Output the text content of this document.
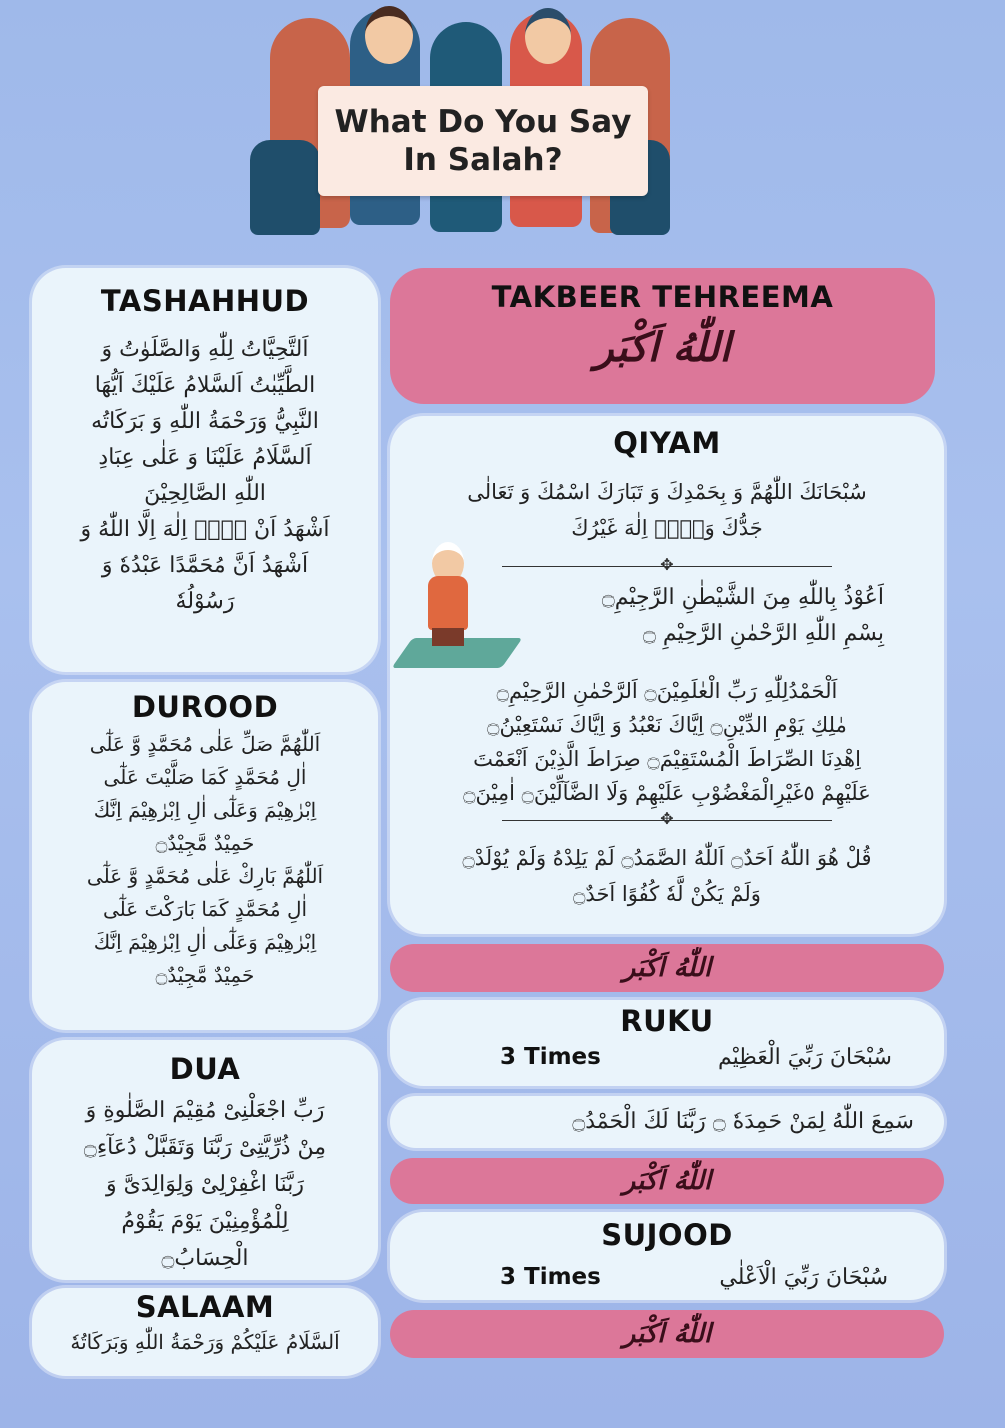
What Do You Say
In Salah?
TASHAHHUD
اَلتَّحِيَّاتُ لِلّٰهِ وَالصَّلَوٰتُ وَ
الطَّيِّبٰتُ اَلسَّلامُ عَلَيْكَ اَيُّهَا
النَّبِيُّ وَرَحْمَةُ اللّٰهِ وَ بَرَكَاتُه
اَلسَّلَامُ عَلَيْنَا وَ عَلٰى عِبَادِ
اللّٰهِ الصَّالِحِيْنَ
اَشْهَدُ اَنْ لَاۤ اِلٰهَ اِلَّا اللّٰهُ وَ
اَشْهَدُ اَنَّ مُحَمَّدًا عَبْدُهٗ وَ
رَسُوْلُهٗ
DUROOD
اَللّٰهُمَّ صَلِّ عَلٰى مُحَمَّدٍ وَّ عَلٰٓى
اٰلِ مُحَمَّدٍ كَمَا صَلَّيْتَ عَلٰٓى
اِبْرٰهِيْمَ وَعَلٰٓى اٰلِ اِبْرٰهِيْمَ اِنَّكَ
حَمِيْدٌ مَّجِيْدٌ۝
اَللّٰهُمَّ بَارِكْ عَلٰى مُحَمَّدٍ وَّ عَلٰٓى
اٰلِ مُحَمَّدٍ كَمَا بَارَكْتَ عَلٰٓى
اِبْرٰهِيْمَ وَعَلٰٓى اٰلِ اِبْرٰهِيْمَ اِنَّكَ
حَمِيْدٌ مَّجِيْدٌ۝
DUA
رَبِّ اجْعَلْنِىْ مُقِيْمَ الصَّلٰوةِ وَ
مِنْ ذُرِّيَّتِىْ رَبَّنَا وَتَقَبَّلْ دُعَآءِ۝
رَبَّنَا اغْفِرْلِىْ وَلِوَالِدَىَّ وَ
لِلْمُؤْمِنِيْنَ يَوْمَ يَقُوْمُ
الْحِسَابُ۝
SALAAM
اَلسَّلَامُ عَلَيْكُمْ وَرَحْمَةُ اللّٰهِ وَبَرَكَاتُهٗ
TAKBEER TEHREEMA
اللّٰهُ اَكْبَر
QIYAM
سُبْحَانَكَ اللّٰهُمَّ وَ بِحَمْدِكَ وَ تَبَارَكَ اسْمُكَ وَ تَعَالٰى
جَدُّكَ وَلَاۤ اِلٰهَ غَيْرُكَ
✥
اَعُوْذُ بِاللّٰهِ مِنَ الشَّيْطٰنِ الرَّجِيْمِ۝
بِسْمِ اللّٰهِ الرَّحْمٰنِ الرَّحِيْمِ ۝
اَلْحَمْدُلِلّٰهِ رَبِّ الْعٰلَمِيْنَ۝ اَلرَّحْمٰنِ الرَّحِيْمِ۝
مٰلِكِ يَوْمِ الدِّيْنِ۝ اِيَّاكَ نَعْبُدُ وَ اِيَّاكَ نَسْتَعِيْنُ۝
اِهْدِنَا الصِّرَاطَ الْمُسْتَقِيْمَ۝ صِرَاطَ الَّذِيْنَ اَنْعَمْتَ
عَلَيْهِمْ ٥غَيْرِالْمَغْضُوْبِ عَلَيْهِمْ وَلَا الضَّآلِّيْنَ۝ اٰمِيْنَ۝
✥
قُلْ هُوَ اللّٰهُ اَحَدٌ۝ اَللّٰهُ الصَّمَدُ۝ لَمْ يَلِدْهُ وَلَمْ يُوْلَدْ۝
وَلَمْ يَكُنْ لَّهٗ كُفُوًا اَحَدٌ۝
اللّٰهُ اَكْبَر
RUKU
3 Times	سُبْحَانَ رَبِّيَ الْعَظِيْم
سَمِعَ اللّٰهُ لِمَنْ حَمِدَهٗ ۝ رَبَّنَا لَكَ الْحَمْدُ۝
اللّٰهُ اَكْبَر
SUJOOD
3 Times	سُبْحَانَ رَبِّيَ الْاَعْلٰي
اللّٰهُ اَكْبَر
